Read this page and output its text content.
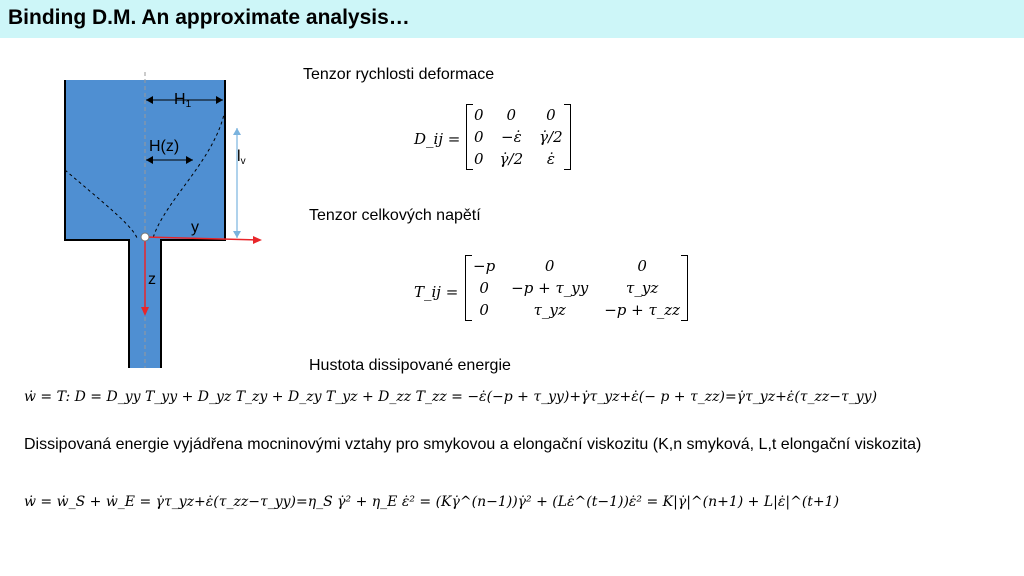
Binding D.M. An approximate analysis…
$H_1$
H(z)
$l_v$
y
z
Tenzor rychlosti deformace
Tenzor celkových napětí
Hustota dissipované energie
D_ij =
0	0	0
0	−ε̇	γ̇/2
0	γ̇/2	ε̇
T_ij =
−p	0	0
0	−p + τ_yy	τ_yz
0	τ_yz	−p + τ_zz
ẇ = T: D = D_yy T_yy + D_yz T_zy + D_zy T_yz + D_zz T_zz = −ε̇(−p + τ_yy)+γ̇τ_yz+ε̇(− p + τ_zz)=γ̇τ_yz+ε̇(τ_zz−τ_yy)
Dissipovaná energie vyjádřena mocninovými vztahy pro smykovou a elongační viskozitu (K,n smyková, L,t elongační viskozita)
ẇ = ẇ_S + ẇ_E = γ̇τ_yz+ε̇(τ_zz−τ_yy)=η_S γ̇² + η_E ε̇² = (Kγ̇^(n−1))γ̇² + (Lε̇^(t−1))ε̇² = K|γ̇|^(n+1) + L|ε̇|^(t+1)
